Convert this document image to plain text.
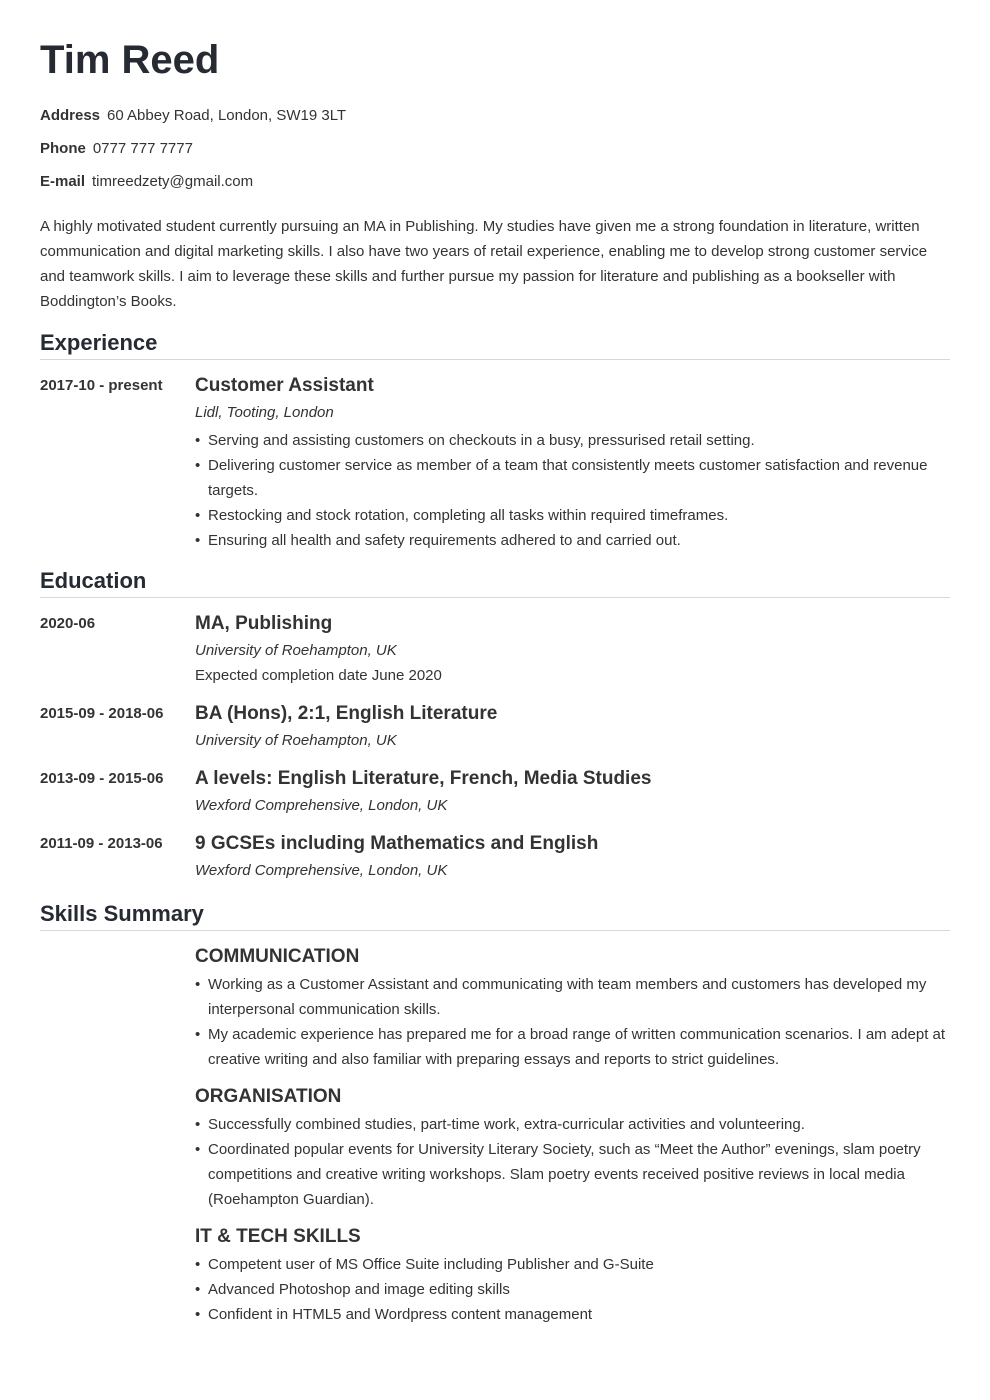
Tim Reed
Address 60 Abbey Road, London, SW19 3LT
Phone 0777 777 7777
E-mail timreedzety@gmail.com

A highly motivated student currently pursuing an MA in Publishing. My studies have given me a strong foundation in literature, written communication and digital marketing skills. I also have two years of retail experience, enabling me to develop strong customer service and teamwork skills. I aim to leverage these skills and further pursue my passion for literature and publishing as a bookseller with Boddington’s Books.

Experience
2017-10 - present Customer Assistant
Lidl, Tooting, London
• Serving and assisting customers on checkouts in a busy, pressurised retail setting.
• Delivering customer service as member of a team that consistently meets customer satisfaction and revenue targets.
• Restocking and stock rotation, completing all tasks within required timeframes.
• Ensuring all health and safety requirements adhered to and carried out.
Education
2020-06	MA, Publishing
University of Roehampton, UK
Expected completion date June 2020
2015-09 - 2018-06 BA (Hons), 2:1, English Literature
University of Roehampton, UK
2013-09 - 2015-06 A levels: English Literature, French, Media Studies
Wexford Comprehensive, London, UK
2011-09 - 2013-06 9 GCSEs including Mathematics and English
Wexford Comprehensive, London, UK
Skills Summary
COMMUNICATION
• Working as a Customer Assistant and communicating with team members and customers has developed my interpersonal communication skills.
• My academic experience has prepared me for a broad range of written communication scenarios. I am adept at creative writing and also familiar with preparing essays and reports to strict guidelines.
ORGANISATION
• Successfully combined studies, part-time work, extra-curricular activities and volunteering.
• Coordinated popular events for University Literary Society, such as “Meet the Author” evenings, slam poetry competitions and creative writing workshops. Slam poetry events received positive reviews in local media (Roehampton Guardian).
IT & TECH SKILLS
• Competent user of MS Office Suite including Publisher and G-Suite
• Advanced Photoshop and image editing skills
• Confident in HTML5 and Wordpress content management
